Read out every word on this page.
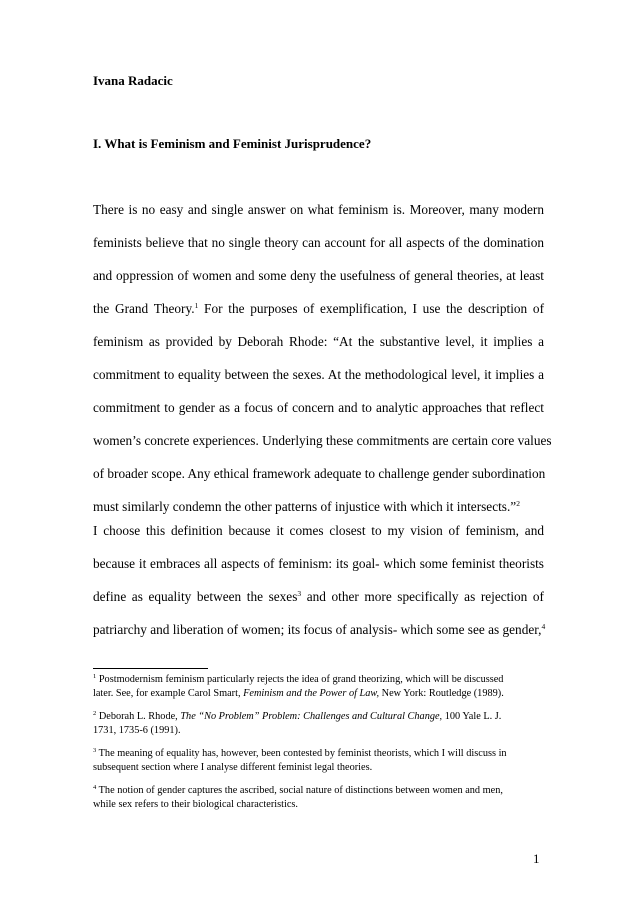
Ivana Radacic
I. What is Feminism and Feminist Jurisprudence?
There is no easy and single answer on what feminism is. Moreover, many modern
feminists believe that no single theory can account for all aspects of the domination
and oppression of women and some deny the usefulness of general theories, at least
the Grand Theory.$^1$ For the purposes of exemplification, I use the description of
feminism as provided by Deborah Rhode: “At the substantive level, it implies a
commitment to equality between the sexes. At the methodological level, it implies a
commitment to gender as a focus of concern and to analytic approaches that reflect
women’s concrete experiences. Underlying these commitments are certain core values
of broader scope. Any ethical framework adequate to challenge gender subordination
must similarly condemn the other patterns of injustice with which it intersects.”$^2$
I choose this definition because it comes closest to my vision of feminism, and
because it embraces all aspects of feminism: its goal- which some feminist theorists
define as equality between the sexes$^3$ and other more specifically as rejection of
patriarchy and liberation of women; its focus of analysis- which some see as gender,$^4$
$^1$ Postmodernism feminism particularly rejects the idea of grand theorizing, which will be discussed
later. See, for example Carol Smart, Feminism and the Power of Law, New York: Routledge (1989).
$^2$ Deborah L. Rhode, The “No Problem” Problem: Challenges and Cultural Change, 100 Yale L. J.
1731, 1735-6 (1991).
$^3$ The meaning of equality has, however, been contested by feminist theorists, which I will discuss in
subsequent section where I analyse different feminist legal theories.
$^4$ The notion of gender captures the ascribed, social nature of distinctions between women and men,
while sex refers to their biological characteristics.
1
